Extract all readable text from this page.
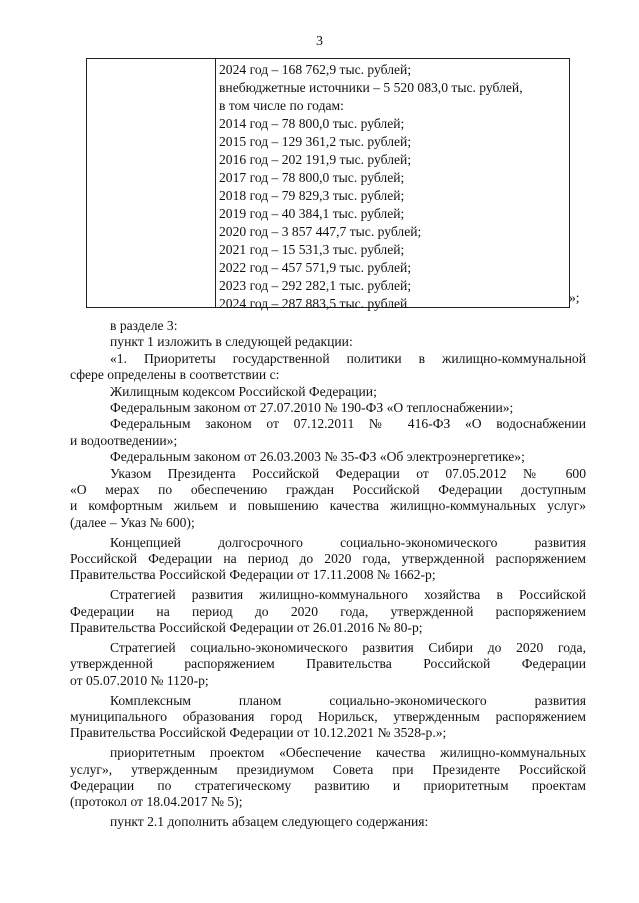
3
2024 год – 168 762,9 тыс. рублей;
внебюджетные источники – 5 520 083,0 тыс. рублей,
в том числе по годам:
2014 год – 78 800,0 тыс. рублей;
2015 год – 129 361,2 тыс. рублей;
2016 год – 202 191,9 тыс. рублей;
2017 год – 78 800,0 тыс. рублей;
2018 год – 79 829,3 тыс. рублей;
2019 год – 40 384,1 тыс. рублей;
2020 год – 3 857 447,7 тыс. рублей;
2021 год – 15 531,3 тыс. рублей;
2022 год – 457 571,9 тыс. рублей;
2023 год – 292 282,1 тыс. рублей;
2024 год – 287 883,5 тыс. рублей	»;
в разделе 3:
пункт 1 изложить в следующей редакции:
«1. Приоритеты государственной политики в жилищно-коммунальной
сфере определены в соответствии с:
Жилищным кодексом Российской Федерации;
Федеральным законом от 27.07.2010 № 190-ФЗ «О теплоснабжении»;
Федеральным законом от 07.12.2011 № 416-ФЗ «О водоснабжении
и водоотведении»;
Федеральным законом от 26.03.2003 № 35-ФЗ «Об электроэнергетике»;
Указом Президента Российской Федерации от 07.05.2012 № 600
«О мерах по обеспечению граждан Российской Федерации доступным
и комфортным жильем и повышению качества жилищно-коммунальных услуг»
(далее – Указ № 600);
Концепцией долгосрочного социально-экономического развития
Российской Федерации на период до 2020 года, утвержденной распоряжением
Правительства Российской Федерации от 17.11.2008 № 1662-р;
Стратегией развития жилищно-коммунального хозяйства в Российской
Федерации на период до 2020 года, утвержденной распоряжением
Правительства Российской Федерации от 26.01.2016 № 80-р;
Стратегией социально-экономического развития Сибири до 2020 года,
утвержденной распоряжением Правительства Российской Федерации
от 05.07.2010 № 1120-р;
Комплексным планом социально-экономического развития
муниципального образования город Норильск, утвержденным распоряжением
Правительства Российской Федерации от 10.12.2021 № 3528-р.»;
приоритетным проектом «Обеспечение качества жилищно-коммунальных
услуг», утвержденным президиумом Совета при Президенте Российской
Федерации по стратегическому развитию и приоритетным проектам
(протокол от 18.04.2017 № 5);
пункт 2.1 дополнить абзацем следующего содержания:
